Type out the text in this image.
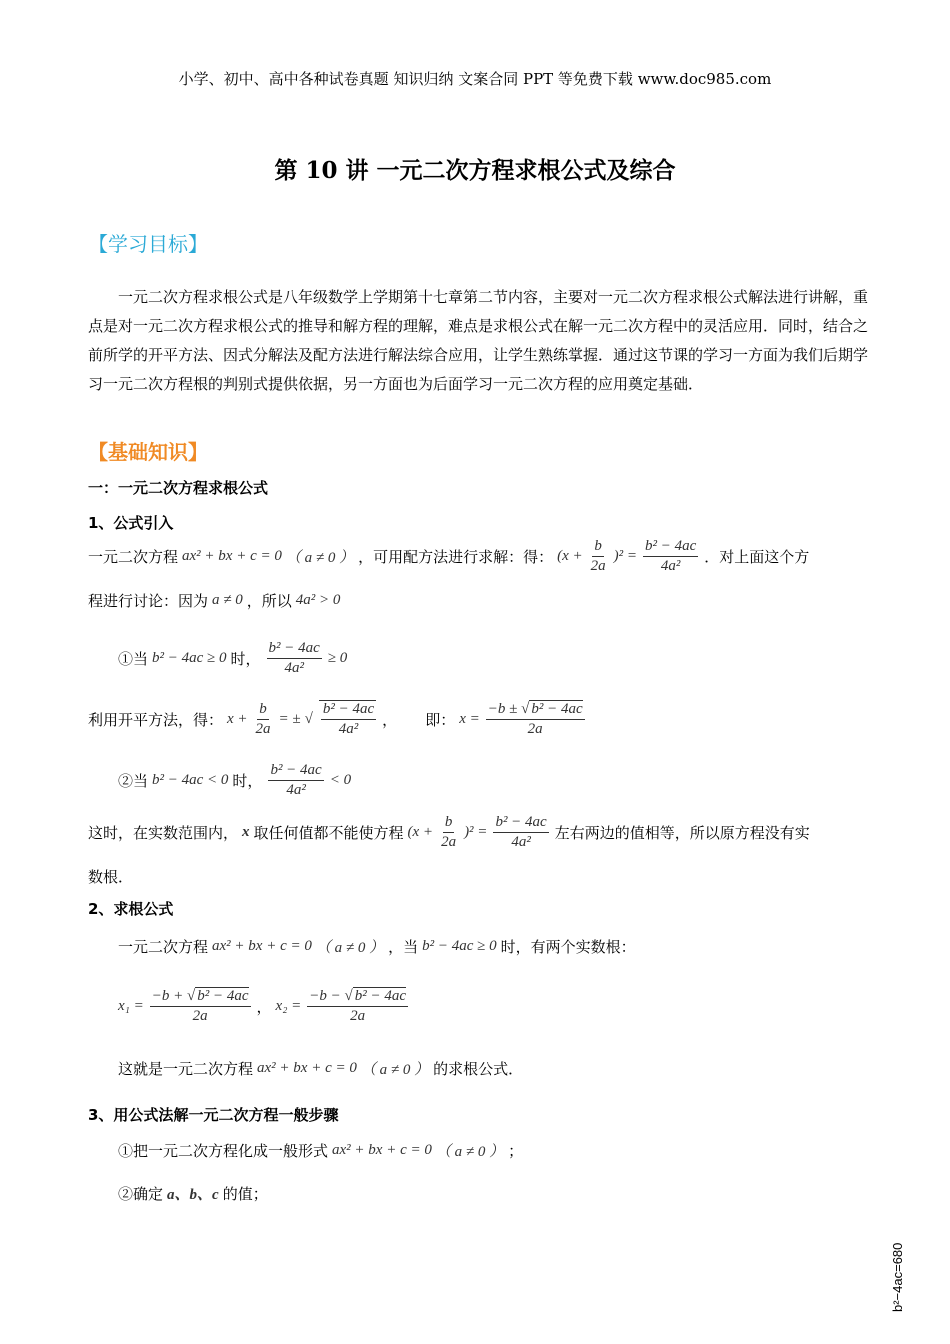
小学、初中、高中各种试卷真题 知识归纳 文案合同 PPT 等免费下载 www.doc985.com
第 10 讲 一元二次方程求根公式及综合
【学习目标】
一元二次方程求根公式是八年级数学上学期第十七章第二节内容，主要对一元二次方程求根公式解法进行讲解，重点是对一元二次方程求根公式的推导和解方程的理解，难点是求根公式在解一元二次方程中的灵活应用．同时，结合之前所学的开平方法、因式分解法及配方法进行解法综合应用，让学生熟练掌握．通过这节课的学习一方面为我们后期学习一元二次方程根的判别式提供依据，另一方面也为后面学习一元二次方程的应用奠定基础．
【基础知识】
一：一元二次方程求根公式
1、公式引入
一元二次方程 ax² + bx + c = 0 （ a ≠ 0 ） ，可用配方法进行求解：得： $(x + \frac{b}{2a} )^2 = \frac{\text{b² − 4ac}}{\text{4a²}}$ ．对上面这个方
程进行讨论：因为 a ≠ 0 ，所以 4a² > 0
①当 b² − 4ac ≥ 0 时， $\frac{\text{b² − 4ac}}{\text{4a²}} \ge 0$
利用开平方法，得： $x + \frac{b}{2a}$ = ± √ $\frac{\text{b² − 4ac}}{\text{4a²}}$ ， 即： $x = \frac{\text{−b ± √ b² − 4ac}}{2a}$
②当 b² − 4ac < 0 时， $\frac{\text{b² − 4ac}}{\text{4a²}} < 0$
这时，在实数范围内， x 取任何值都不能使方程 $(x + \frac{b}{2a} )^2 = \frac{\text{b² − 4ac}}{\text{4a²}}$ 左右两边的值相等，所以原方程没有实
数根．
2、求根公式
一元二次方程 ax² + bx + c = 0 （ a ≠ 0 ） ，当 b² − 4ac ≥ 0 时，有两个实数根：
$x_1 = \frac{\text{−b + √ b² − 4ac}}{2a}$ ， $x_2 = \frac{\text{−b − √ b² − 4ac}}{2a}$
这就是一元二次方程 ax² + bx + c = 0 （ a ≠ 0 ） 的求根公式．
3、用公式法解一元二次方程一般步骤
①把一元二次方程化成一般形式 ax² + bx + c = 0 （ a ≠ 0 ） ；
②确定 a、b、c 的值；
b²−4ac=680
